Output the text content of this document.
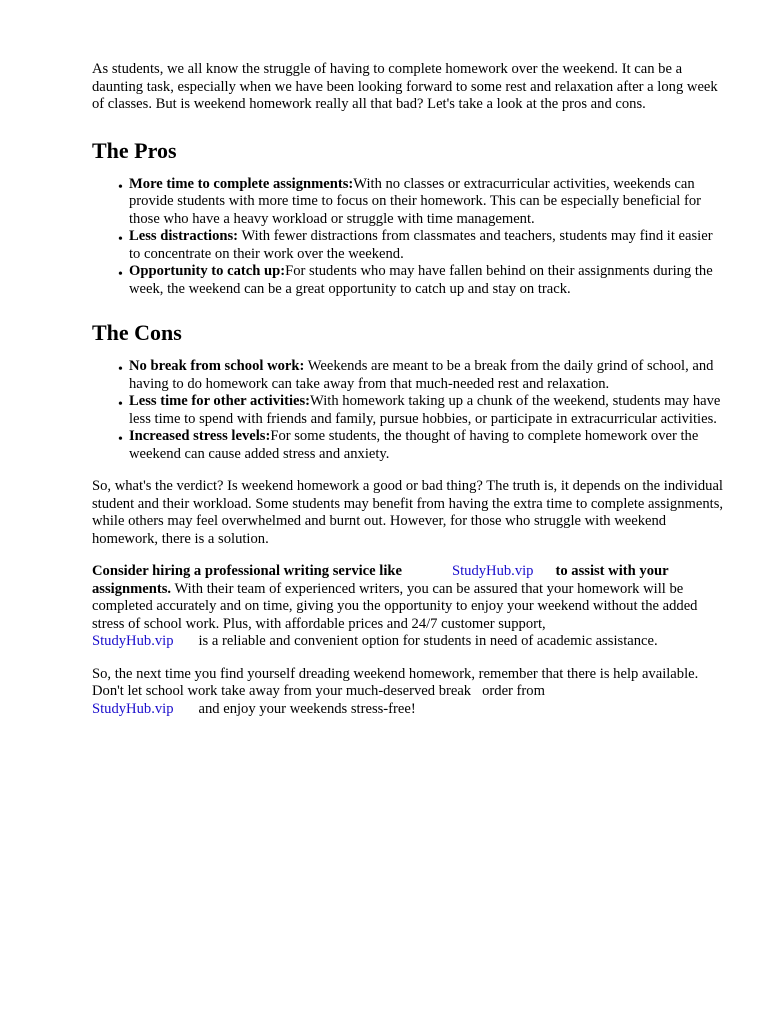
As students, we all know the struggle of having to complete homework over the weekend. It can be a daunting task, especially when we have been looking forward to some rest and relaxation after a long week of classes. But is weekend homework really all that bad? Let's take a look at the pros and cons.

The Pros
• More time to complete assignments:With no classes or extracurricular activities, weekends can provide students with more time to focus on their homework. This can be especially beneficial for those who have a heavy workload or struggle with time management.
• Less distractions: With fewer distractions from classmates and teachers, students may find it easier to concentrate on their work over the weekend.
• Opportunity to catch up:For students who may have fallen behind on their assignments during the week, the weekend can be a great opportunity to catch up and stay on track.
The Cons
• No break from school work: Weekends are meant to be a break from the daily grind of school, and having to do homework can take away from that much-needed rest and relaxation.
• Less time for other activities:With homework taking up a chunk of the weekend, students may have less time to spend with friends and family, pursue hobbies, or participate in extracurricular activities.
• Increased stress levels:For some students, the thought of having to complete homework over the weekend can cause added stress and anxiety.

So, what's the verdict? Is weekend homework a good or bad thing? The truth is, it depends on the individual student and their workload. Some students may benefit from having the extra time to complete assignments, while others may feel overwhelmed and burnt out. However, for those who struggle with weekend homework, there is a solution.

Consider hiring a professional writing service like	StudyHub.vip to assist with your assignments. With their team of experienced writers, you can be assured that your homework will be completed accurately and on time, giving you the opportunity to enjoy your weekend without the added stress of school work. Plus, with affordable prices and 24/7 customer support,
StudyHub.vip is a reliable and convenient option for students in need of academic assistance.

So, the next time you find yourself dreading weekend homework, remember that there is help available. Don't let school work take away from your much-deserved break order from
StudyHub.vip and enjoy your weekends stress-free!
